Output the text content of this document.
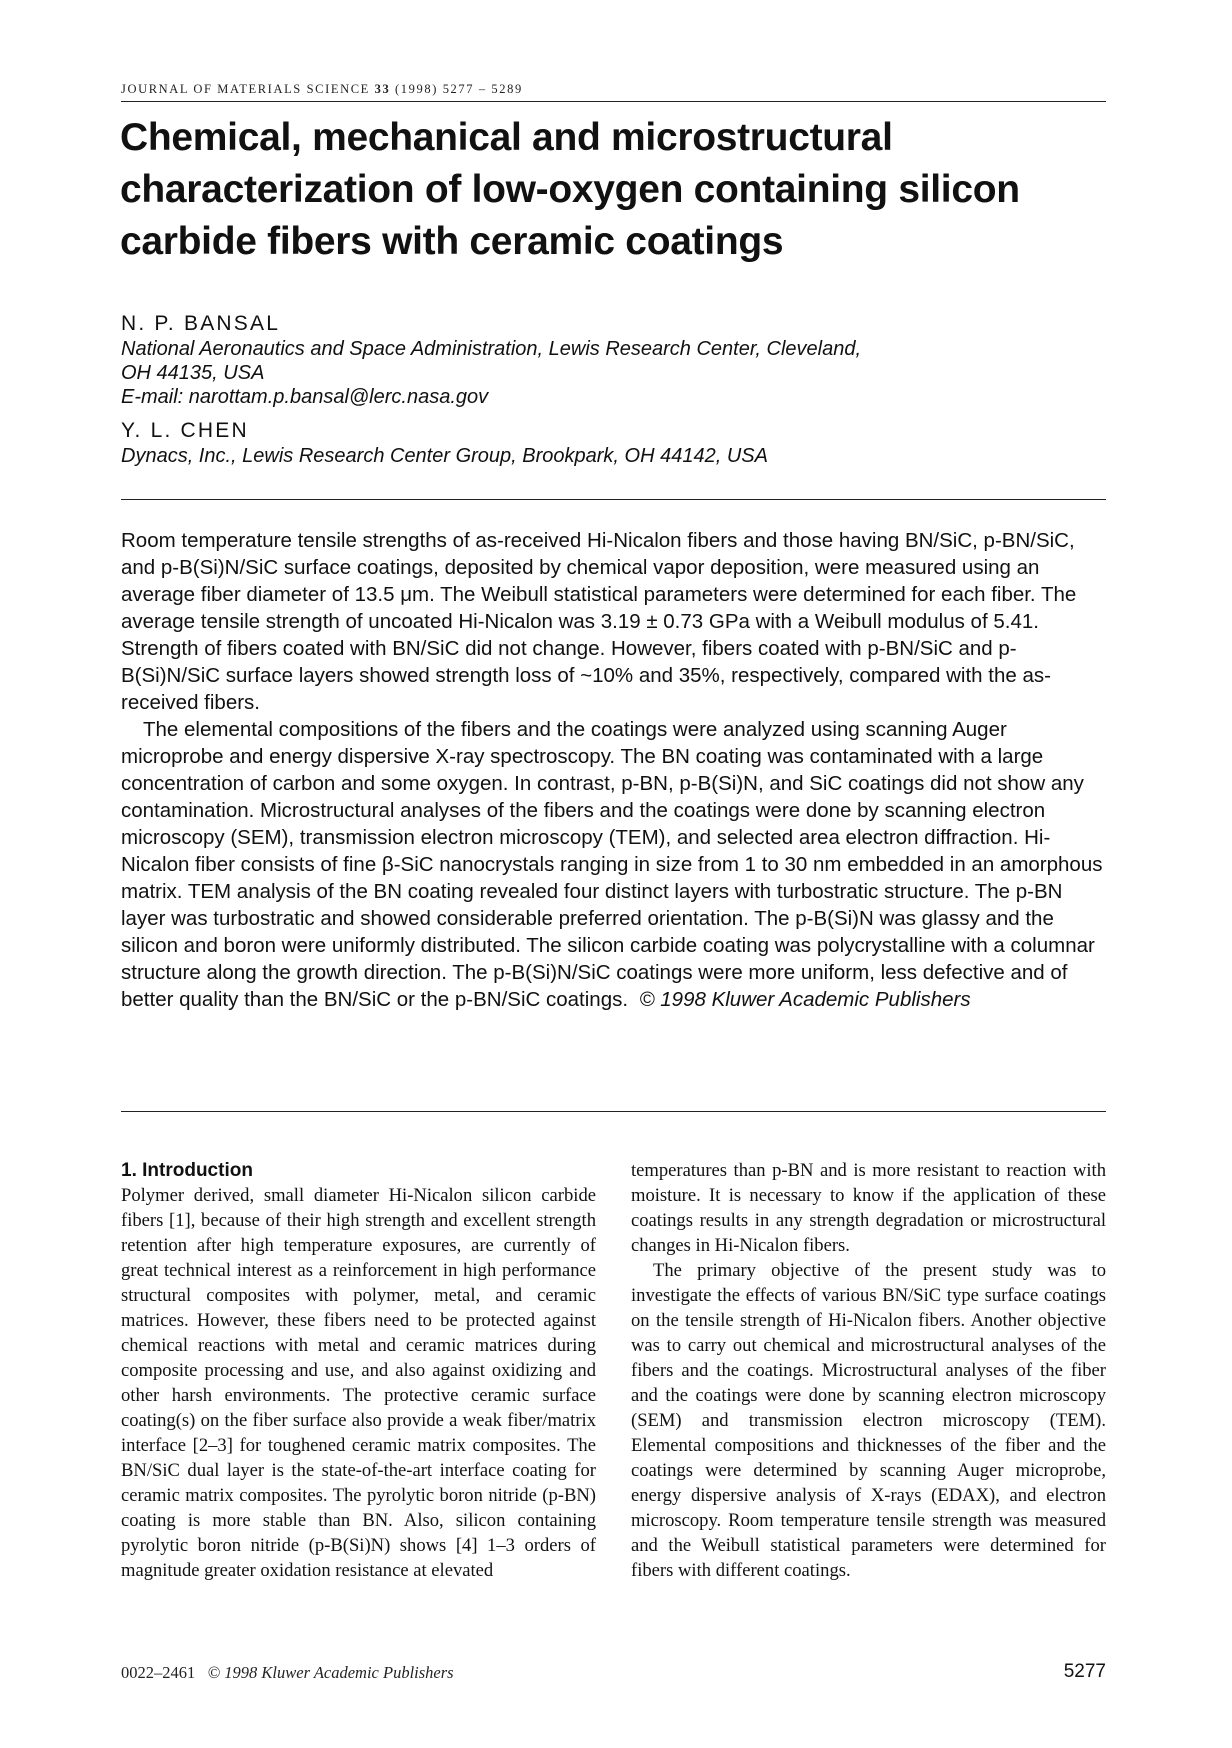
JOURNAL OF MATERIALS SCIENCE 33 (1998) 5277 – 5289
Chemical, mechanical and microstructural characterization of low-oxygen containing silicon carbide fibers with ceramic coatings
N. P. BANSAL
National Aeronautics and Space Administration, Lewis Research Center, Cleveland,
OH 44135, USA
E-mail: narottam.p.bansal@lerc.nasa.gov
Y. L. CHEN
Dynacs, Inc., Lewis Research Center Group, Brookpark, OH 44142, USA

Room temperature tensile strengths of as-received Hi-Nicalon fibers and those having BN/SiC, p-BN/SiC, and p-B(Si)N/SiC surface coatings, deposited by chemical vapor deposition, were measured using an average fiber diameter of 13.5 μm. The Weibull statistical parameters were determined for each fiber. The average tensile strength of uncoated Hi-Nicalon was 3.19 ± 0.73 GPa with a Weibull modulus of 5.41. Strength of fibers coated with BN/SiC did not change. However, fibers coated with p-BN/SiC and p-B(Si)N/SiC surface layers showed strength loss of ~10% and 35%, respectively, compared with the as-received fibers.

The elemental compositions of the fibers and the coatings were analyzed using scanning Auger microprobe and energy dispersive X-ray spectroscopy. The BN coating was contaminated with a large concentration of carbon and some oxygen. In contrast, p-BN, p-B(Si)N, and SiC coatings did not show any contamination. Microstructural analyses of the fibers and the coatings were done by scanning electron microscopy (SEM), transmission electron microscopy (TEM), and selected area electron diffraction. Hi-Nicalon fiber consists of fine β-SiC nanocrystals ranging in size from 1 to 30 nm embedded in an amorphous matrix. TEM analysis of the BN coating revealed four distinct layers with turbostratic structure. The p-BN layer was turbostratic and showed considerable preferred orientation. The p-B(Si)N was glassy and the silicon and boron were uniformly distributed. The silicon carbide coating was polycrystalline with a columnar structure along the growth direction. The p-B(Si)N/SiC coatings were more uniform, less defective and of better quality than the BN/SiC or the p-BN/SiC coatings. © 1998 Kluwer Academic Publishers

1. Introduction

Polymer derived, small diameter Hi-Nicalon silicon carbide fibers [1], because of their high strength and excellent strength retention after high temperature exposures, are currently of great technical interest as a reinforcement in high performance structural composites with polymer, metal, and ceramic matrices. However, these fibers need to be protected against chemical reactions with metal and ceramic matrices during composite processing and use, and also against oxidizing and other harsh environments. The protective ceramic surface coating(s) on the fiber surface also provide a weak fiber/matrix interface [2–3] for toughened ceramic matrix composites. The BN/SiC dual layer is the state-of-the-art interface coating for ceramic matrix composites. The pyrolytic boron nitride (p-BN) coating is more stable than BN. Also, silicon containing pyrolytic boron nitride (p-B(Si)N) shows [4] 1–3 orders of magnitude greater oxidation resistance at elevated

temperatures than p-BN and is more resistant to reaction with moisture. It is necessary to know if the application of these coatings results in any strength degradation or microstructural changes in Hi-Nicalon fibers.

The primary objective of the present study was to investigate the effects of various BN/SiC type surface coatings on the tensile strength of Hi-Nicalon fibers. Another objective was to carry out chemical and microstructural analyses of the fibers and the coatings. Microstructural analyses of the fiber and the coatings were done by scanning electron microscopy (SEM) and transmission electron microscopy (TEM). Elemental compositions and thicknesses of the fiber and the coatings were determined by scanning Auger microprobe, energy dispersive analysis of X-rays (EDAX), and electron microscopy. Room temperature tensile strength was measured and the Weibull statistical parameters were determined for fibers with different coatings.

0022–2461 © 1998 Kluwer Academic Publishers	5277
